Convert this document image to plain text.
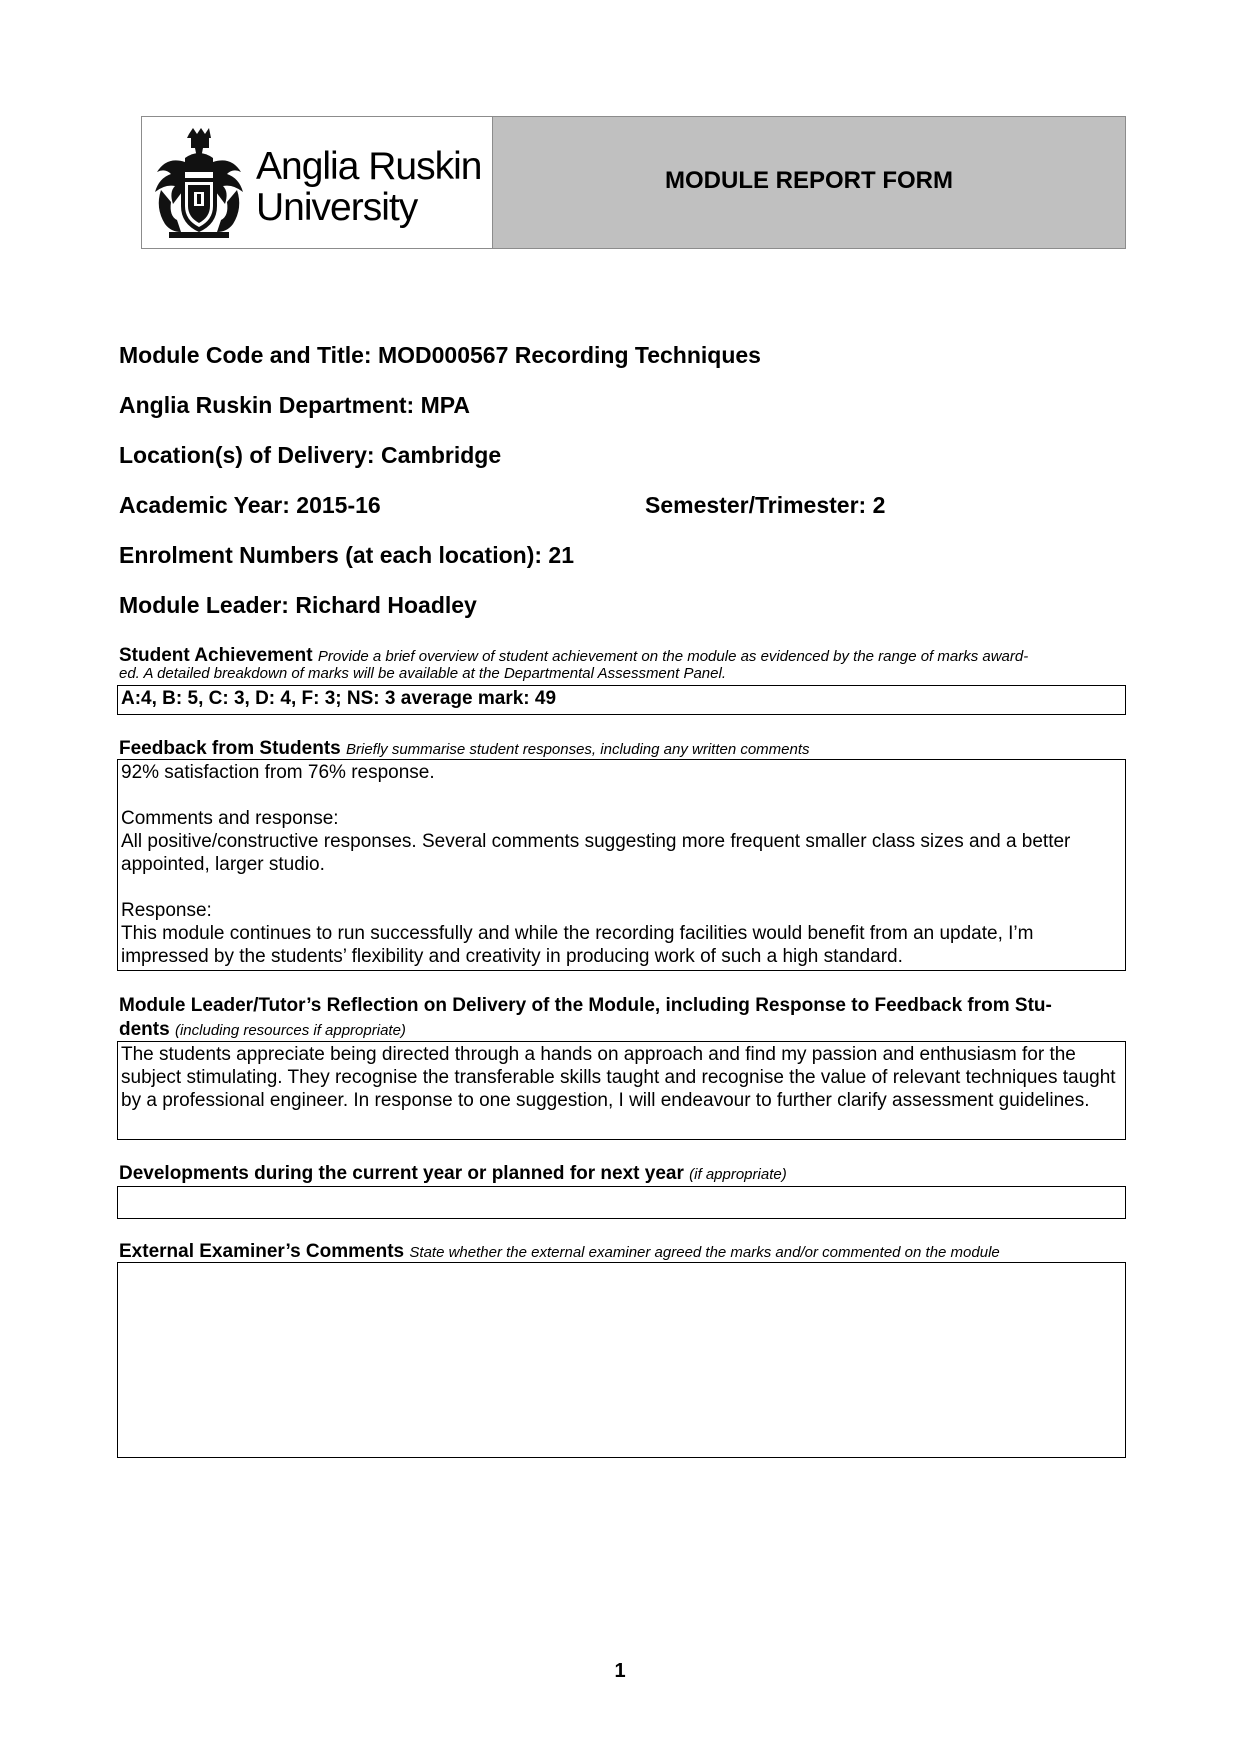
Anglia Ruskin
University
MODULE REPORT FORM
Module Code and Title: MOD000567 Recording Techniques
Anglia Ruskin Department: MPA
Location(s) of Delivery: Cambridge
Academic Year: 2015-16	Semester/Trimester: 2
Enrolment Numbers (at each location): 21
Module Leader: Richard Hoadley
Student Achievement Provide a brief overview of student achievement on the module as evidenced by the range of marks award-
ed. A detailed breakdown of marks will be available at the Departmental Assessment Panel.
A:4, B: 5, C: 3, D: 4, F: 3; NS: 3 average mark: 49
Feedback from Students Briefly summarise student responses, including any written comments

92% satisfaction from 76% response.

Comments and response:

All positive/constructive responses. Several comments suggesting more frequent smaller class sizes and a better appointed, larger studio.

Response:

This module continues to run successfully and while the recording facilities would benefit from an update, I’m impressed by the students’ flexibility and creativity in producing work of such a high standard.

Module Leader/Tutor’s Reflection on Delivery of the Module, including Response to Feedback from Stu-
dents (including resources if appropriate)
The students appreciate being directed through a hands on approach and find my passion and enthusiasm for the subject stimulating. They recognise the transferable skills taught and recognise the value of relevant techniques taught by a professional engineer. In response to one suggestion, I will endeavour to further clarify assessment guidelines.
Developments during the current year or planned for next year (if appropriate)
External Examiner’s Comments State whether the external examiner agreed the marks and/or commented on the module
1
